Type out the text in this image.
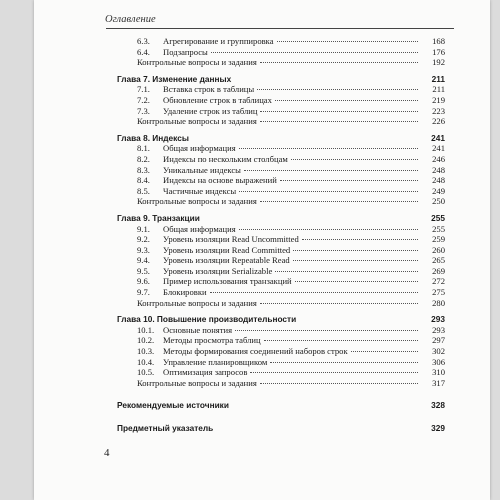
Оглавление
6.3.	Агрегирование и группировка	168
6.4.	Подзапросы	176
Контрольные вопросы и задания	192
Глава 7. Изменение данных	211
7.1.	Вставка строк в таблицы	211
7.2.	Обновление строк в таблицах	219
7.3.	Удаление строк из таблиц	223
Контрольные вопросы и задания	226
Глава 8. Индексы	241
8.1.	Общая информация	241
8.2.	Индексы по нескольким столбцам	246
8.3.	Уникальные индексы	248
8.4.	Индексы на основе выражений	248
8.5.	Частичные индексы	249
Контрольные вопросы и задания	250
Глава 9. Транзакции	255
9.1.	Общая информация	255
9.2.	Уровень изоляции Read Uncommitted	259
9.3.	Уровень изоляции Read Committed	260
9.4.	Уровень изоляции Repeatable Read	265
9.5.	Уровень изоляции Serializable	269
9.6.	Пример использования транзакций	272
9.7.	Блокировки	275
Контрольные вопросы и задания	280
Глава 10. Повышение производительности	293
10.1.	Основные понятия	293
10.2.	Методы просмотра таблиц	297
10.3.	Методы формирования соединений наборов строк	302
10.4.	Управление планировщиком	306
10.5.	Оптимизация запросов	310
Контрольные вопросы и задания	317
Рекомендуемые источники	328
Предметный указатель	329
4
